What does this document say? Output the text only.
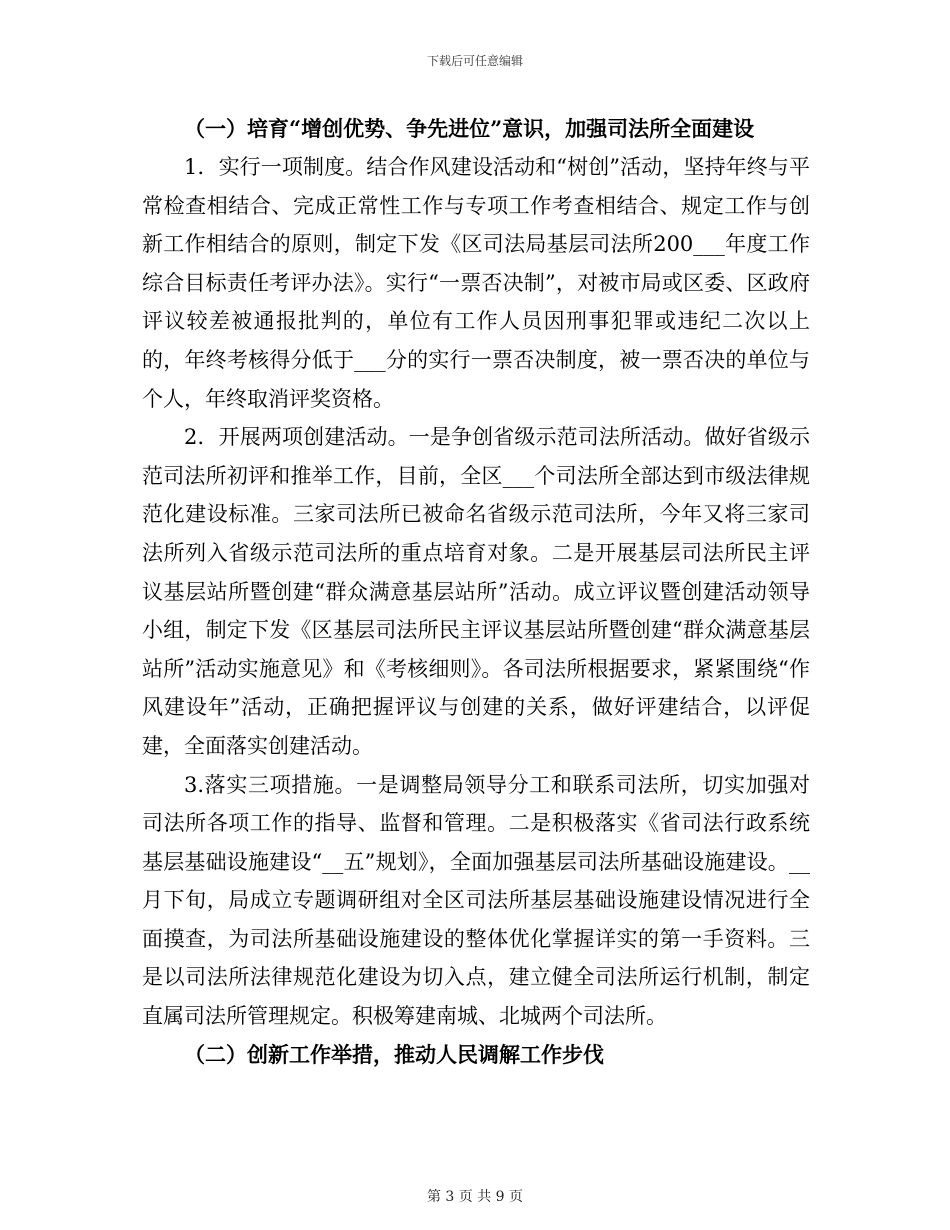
下载后可任意编辑

（一）培育“增创优势、争先进位”意识，加强司法所全面建设

1．实行一项制度。结合作风建设活动和“树创”活动，坚持年终与平常检查相结合、完成正常性工作与专项工作考查相结合、规定工作与创新工作相结合的原则，制定下发《区司法局基层司法所200___年度工作综合目标责任考评办法》。实行“一票否决制”，对被市局或区委、区政府评议较差被通报批判的，单位有工作人员因刑事犯罪或违纪二次以上的，年终考核得分低于___分的实行一票否决制度，被一票否决的单位与个人，年终取消评奖资格。

2．开展两项创建活动。一是争创省级示范司法所活动。做好省级示范司法所初评和推举工作，目前，全区___个司法所全部达到市级法律规范化建设标准。三家司法所已被命名省级示范司法所，今年又将三家司法所列入省级示范司法所的重点培育对象。二是开展基层司法所民主评议基层站所暨创建“群众满意基层站所”活动。成立评议暨创建活动领导小组，制定下发《区基层司法所民主评议基层站所暨创建“群众满意基层站所”活动实施意见》和《考核细则》。各司法所根据要求，紧紧围绕“作风建设年”活动，正确把握评议与创建的关系，做好评建结合，以评促建，全面落实创建活动。

3.落实三项措施。一是调整局领导分工和联系司法所，切实加强对司法所各项工作的指导、监督和管理。二是积极落实《省司法行政系统基层基础设施建设“__五”规划》，全面加强基层司法所基础设施建设。__月下旬，局成立专题调研组对全区司法所基层基础设施建设情况进行全面摸查，为司法所基础设施建设的整体优化掌握详实的第一手资料。三是以司法所法律规范化建设为切入点，建立健全司法所运行机制，制定直属司法所管理规定。积极筹建南城、北城两个司法所。

（二）创新工作举措，推动人民调解工作步伐

第 3 页 共 9 页
